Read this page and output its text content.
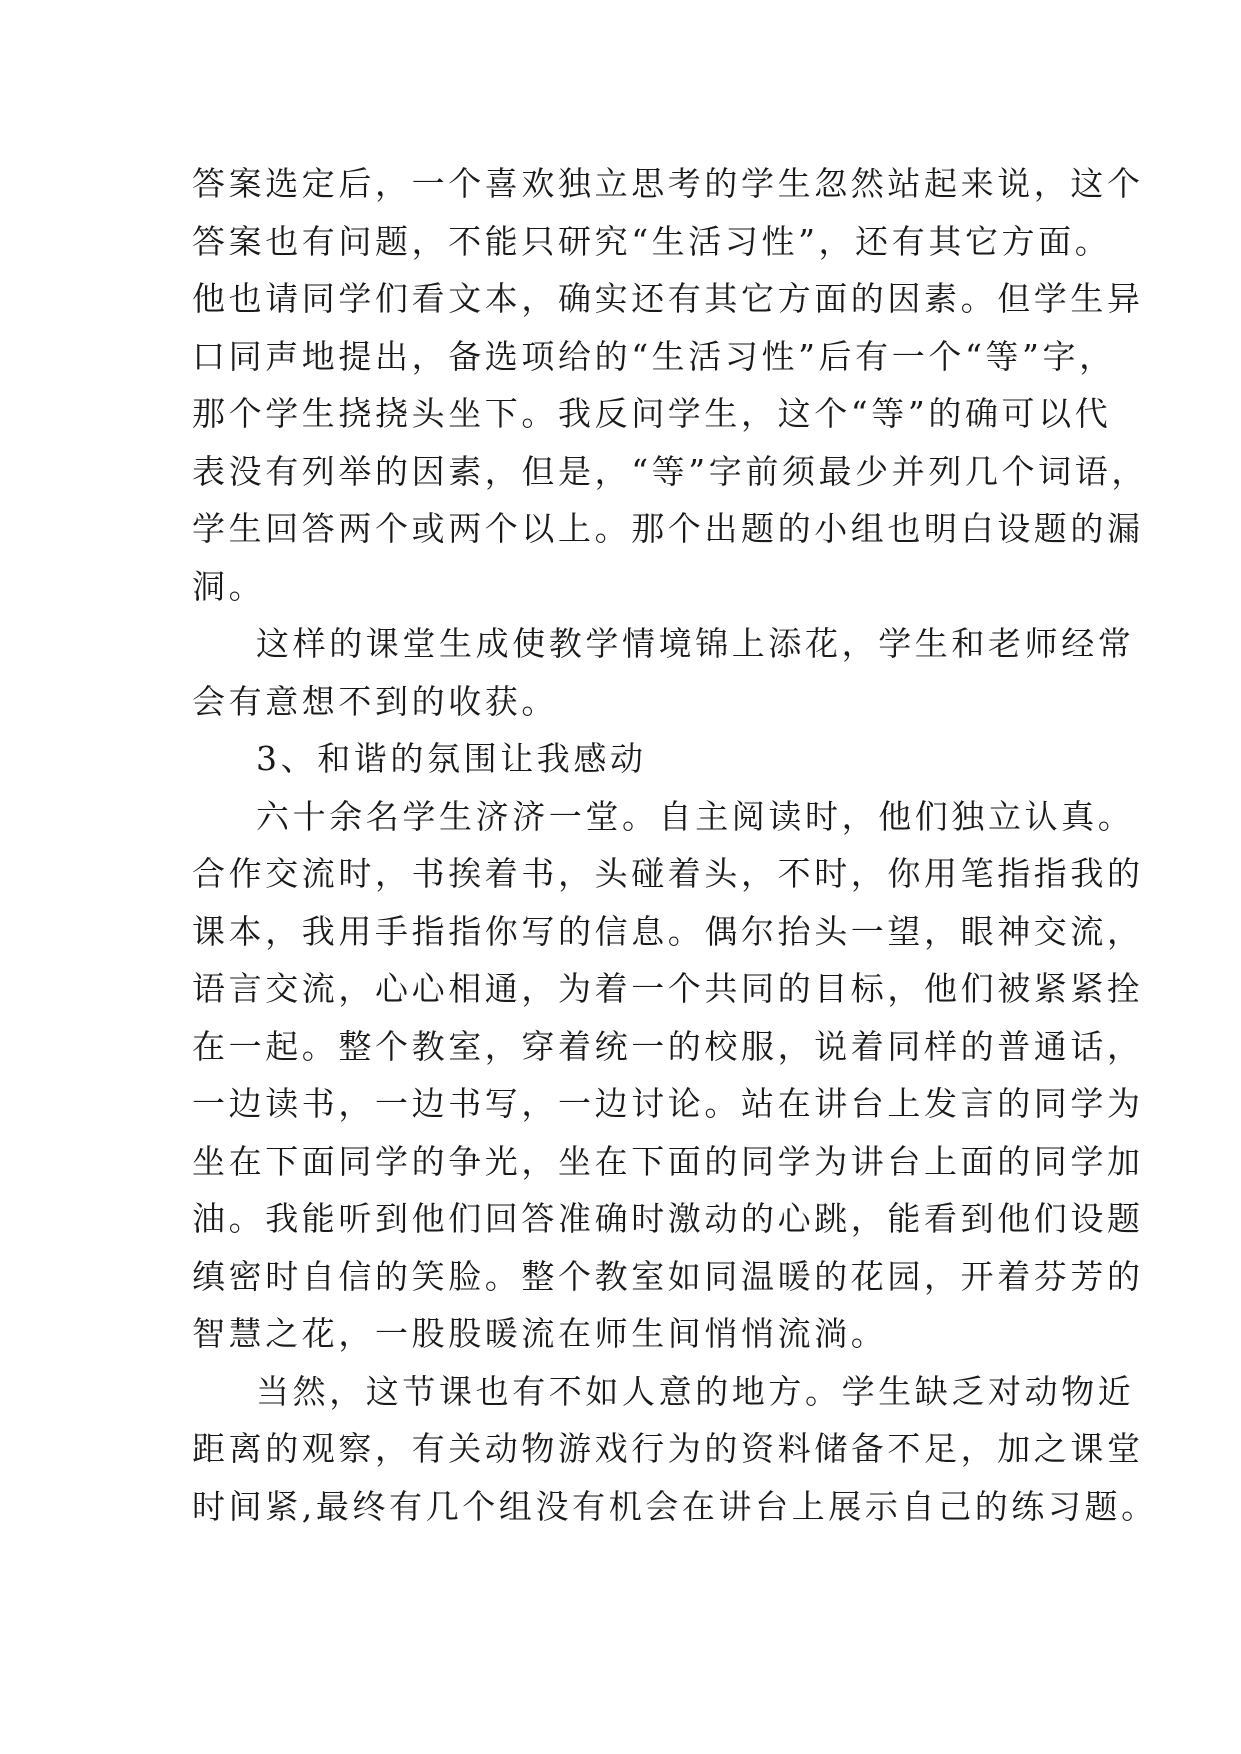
答案选定后，一个喜欢独立思考的学生忽然站起来说，这个
答案也有问题，不能只研究“生活习性”，还有其它方面。
他也请同学们看文本，确实还有其它方面的因素。但学生异
口同声地提出，备选项给的“生活习性”后有一个“等”字，
那个学生挠挠头坐下。我反问学生，这个“等”的确可以代
表没有列举的因素，但是，“等”字前须最少并列几个词语，
学生回答两个或两个以上。那个出题的小组也明白设题的漏
洞。
这样的课堂生成使教学情境锦上添花，学生和老师经常
会有意想不到的收获。
3、和谐的氛围让我感动
六十余名学生济济一堂。自主阅读时，他们独立认真。
合作交流时，书挨着书，头碰着头，不时，你用笔指指我的
课本，我用手指指你写的信息。偶尔抬头一望，眼神交流，
语言交流，心心相通，为着一个共同的目标，他们被紧紧拴
在一起。整个教室，穿着统一的校服，说着同样的普通话，
一边读书，一边书写，一边讨论。站在讲台上发言的同学为
坐在下面同学的争光，坐在下面的同学为讲台上面的同学加
油。我能听到他们回答准确时激动的心跳，能看到他们设题
缜密时自信的笑脸。整个教室如同温暖的花园，开着芬芳的
智慧之花，一股股暖流在师生间悄悄流淌。
当然，这节课也有不如人意的地方。学生缺乏对动物近
距离的观察，有关动物游戏行为的资料储备不足，加之课堂
时间紧,最终有几个组没有机会在讲台上展示自己的练习题。
